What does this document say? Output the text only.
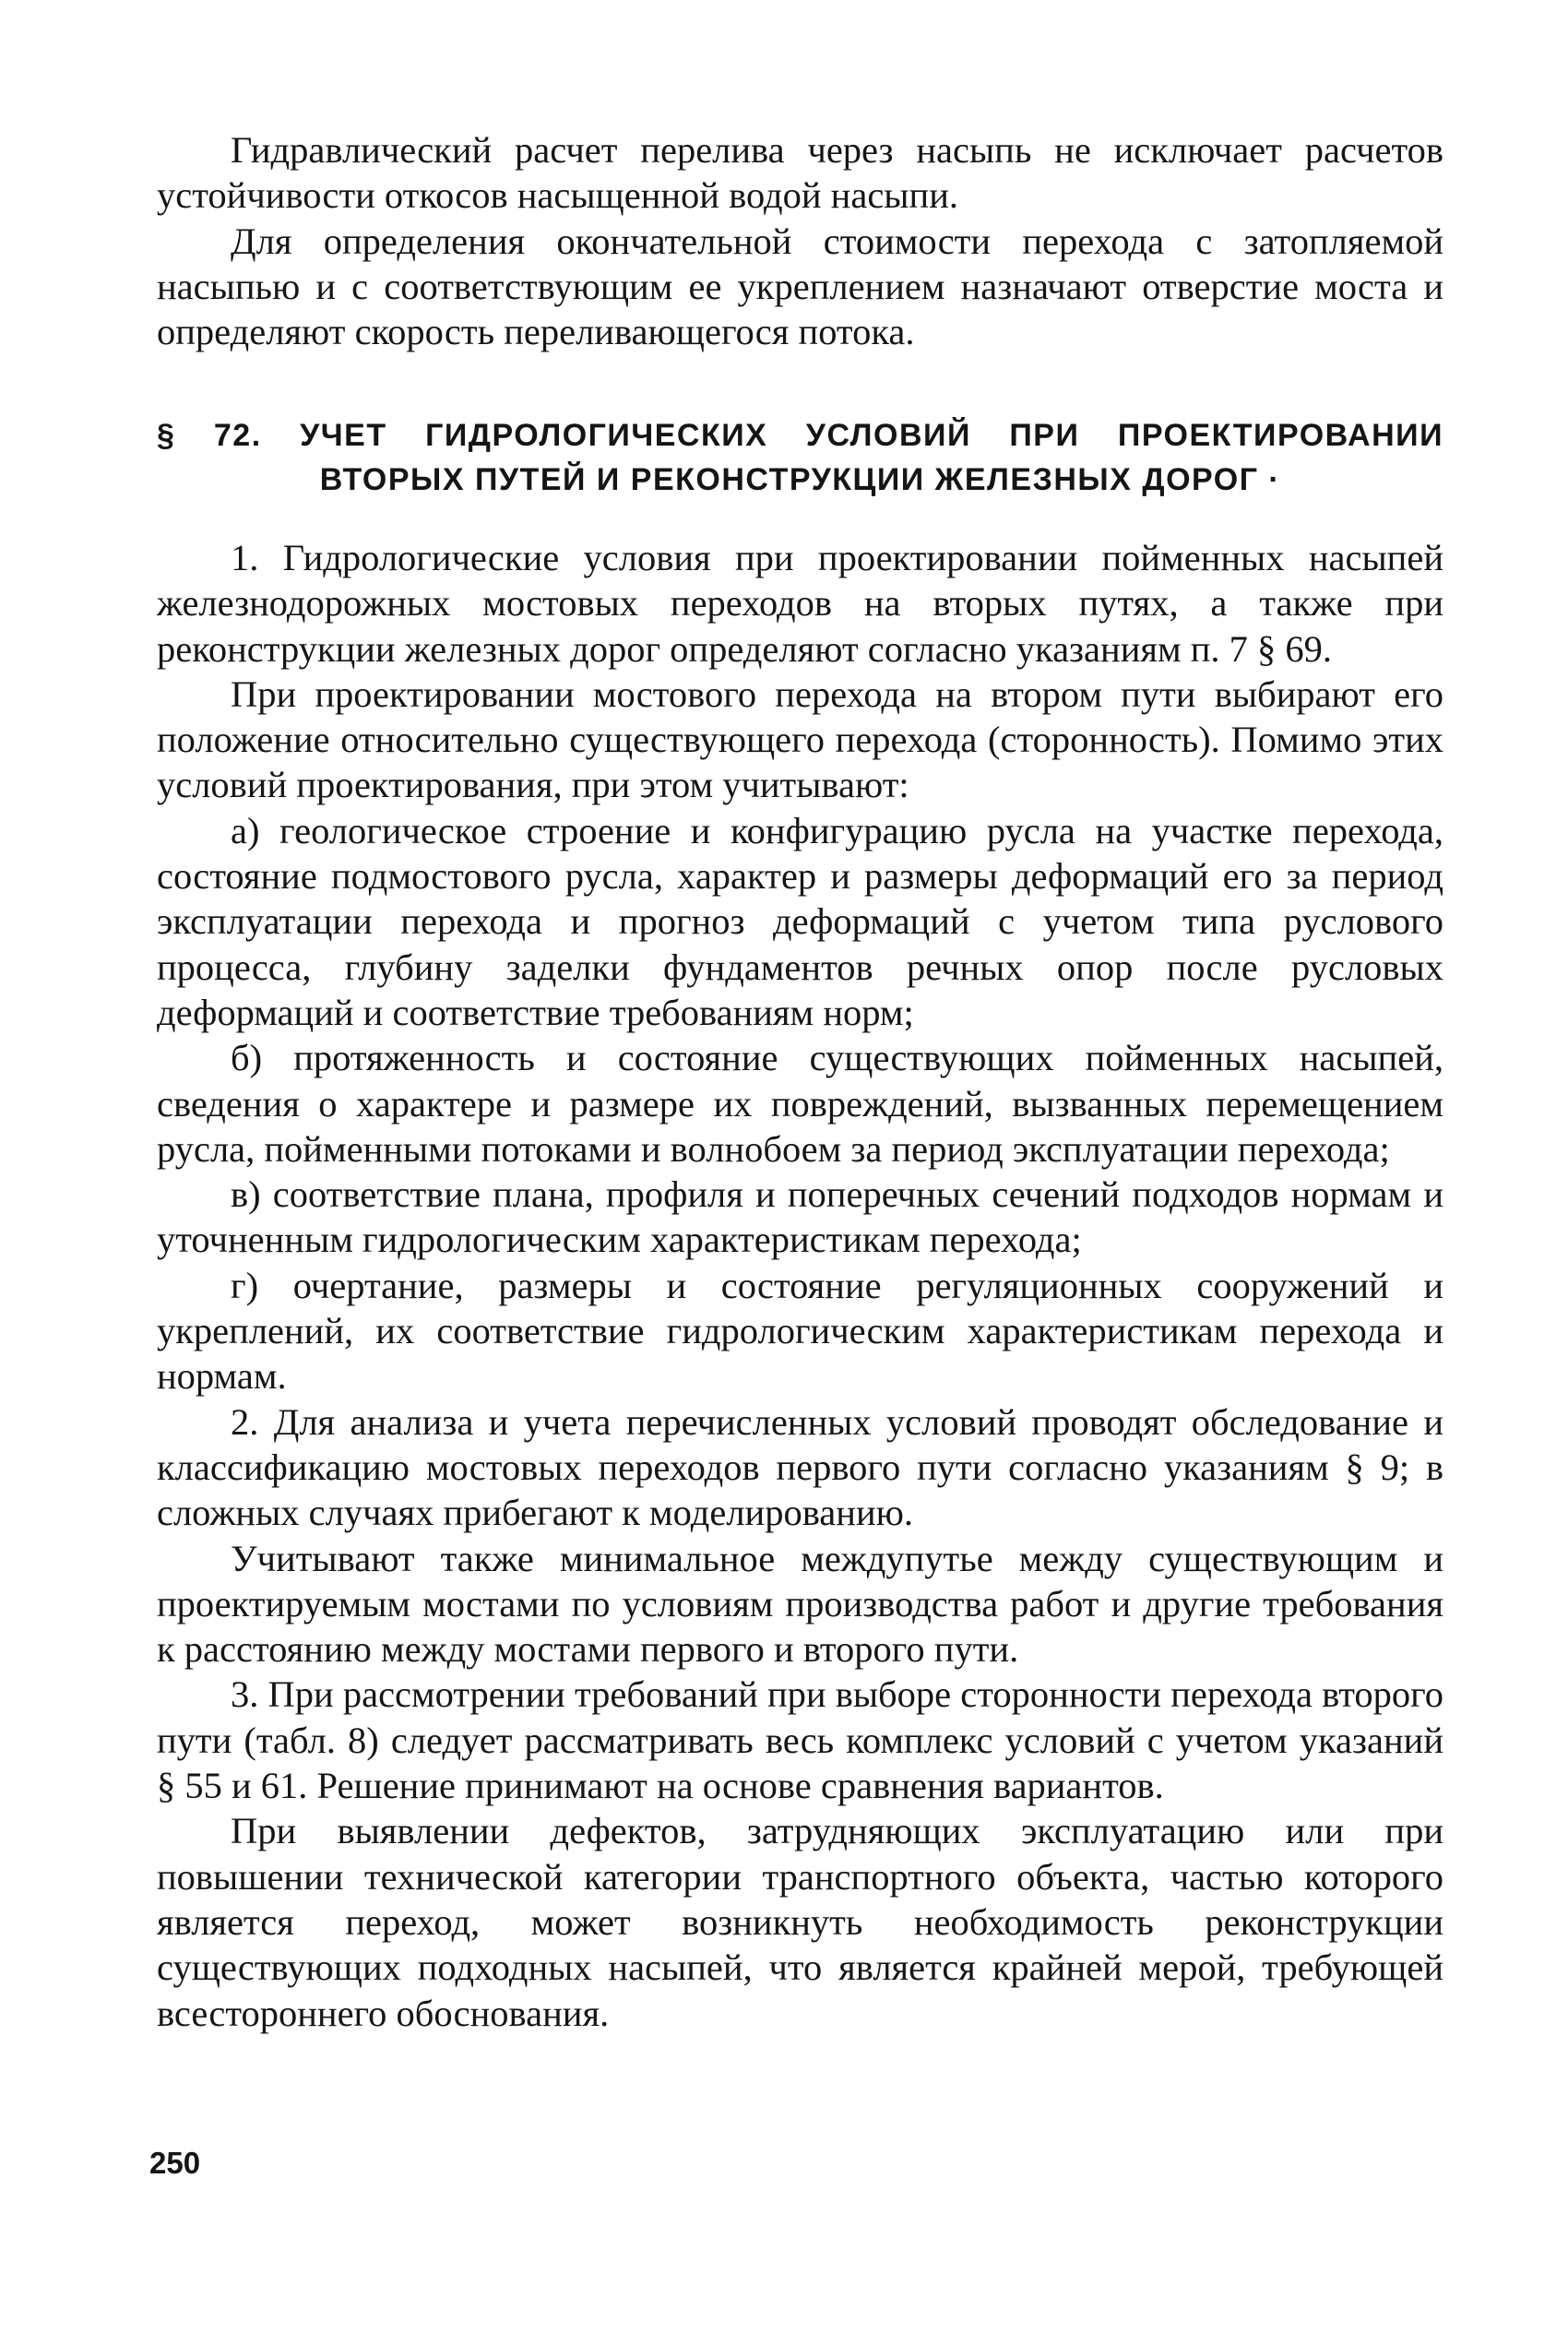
Гидравлический расчет перелива через насыпь не исключает расчетов устойчивости откосов насыщенной водой насыпи.

Для определения окончательной стоимости перехода с затопляемой насыпью и с соответствующим ее укреплением назначают отверстие моста и определяют скорость переливающегося потока.

§ 72. УЧЕТ ГИДРОЛОГИЧЕСКИХ УСЛОВИЙ ПРИ ПРОЕКТИРОВАНИИ
ВТОРЫХ ПУТЕЙ И РЕКОНСТРУКЦИИ ЖЕЛЕЗНЫХ ДОРОГ ·

1. Гидрологические условия при проектировании пойменных насыпей железнодорожных мостовых переходов на вторых путях, а также при реконструкции железных дорог определяют согласно указаниям п. 7 § 69.

При проектировании мостового перехода на втором пути выбирают его положение относительно существующего перехода (сторонность). Помимо этих условий проектирования, при этом учитывают:

а) геологическое строение и конфигурацию русла на участке перехода, состояние подмостового русла, характер и размеры деформаций его за период эксплуатации перехода и прогноз деформаций с учетом типа руслового процесса, глубину заделки фундаментов речных опор после русловых деформаций и соответствие требованиям норм;

б) протяженность и состояние существующих пойменных насыпей, сведения о характере и размере их повреждений, вызванных перемещением русла, пойменными потоками и волнобоем за период эксплуатации перехода;

в) соответствие плана, профиля и поперечных сечений подходов нормам и уточненным гидрологическим характеристикам перехода;

г) очертание, размеры и состояние регуляционных сооружений и укреплений, их соответствие гидрологическим характеристикам перехода и нормам.

2. Для анализа и учета перечисленных условий проводят обследование и классификацию мостовых переходов первого пути согласно указаниям § 9; в сложных случаях прибегают к моделированию.

Учитывают также минимальное междупутье между существующим и проектируемым мостами по условиям производства работ и другие требования к расстоянию между мостами первого и второго пути.

3. При рассмотрении требований при выборе сторонности перехода второго пути (табл. 8) следует рассматривать весь комплекс условий с учетом указаний § 55 и 61. Решение принимают на основе сравнения вариантов.

При выявлении дефектов, затрудняющих эксплуатацию или при повышении технической категории транспортного объекта, частью которого является переход, может возникнуть необходимость реконструкции существующих подходных насыпей, что является крайней мерой, требующей всестороннего обоснования.

250
